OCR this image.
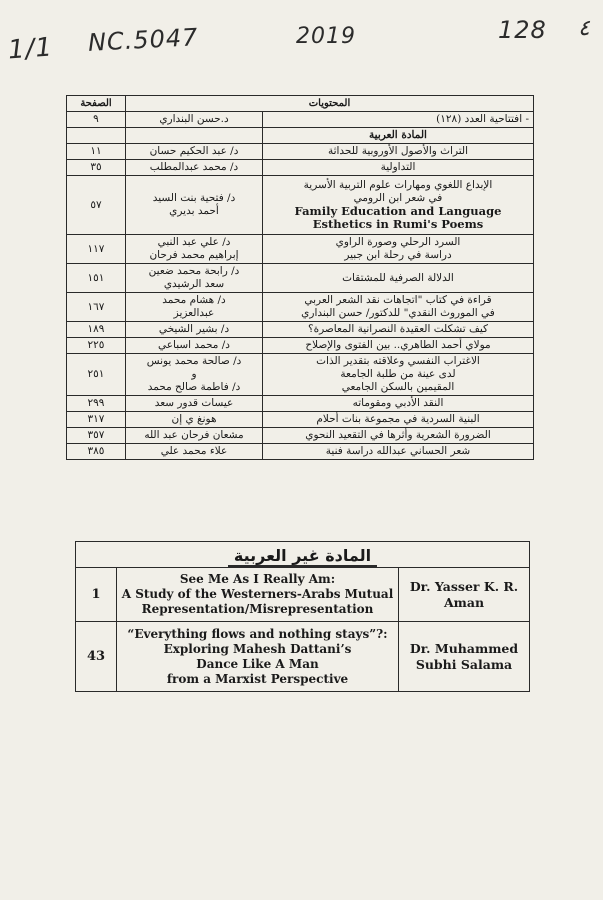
1/1 NC.5047	2019	128 ٤
المحتويات		الصفحة
- افتتاحية العدد (١٢٨)	د.حسن البنداري	٩
المادة العربية		
التراث والأصول الأوروبية للحداثة	د/ عبد الحكيم حسان	١١
التداولية	د/ محمد عبدالمطلب	٣٥

الإبداع اللغوي ومهارات علوم التربية الأسرية
في شعر ابن الرومي
Family Education and Language
Esthetics in Rumi's Poems	د/ فتحية بنت السيد
أحمد بديري	٥٧

السرد الرحلي وصورة الراوي
دراسة في رحلة ابن جبير	د/ علي عبد النبي
إبراهيم محمد فرحان	١١٧
الدلالة الصرفية للمشتقات	د/ رابحة محمد ضعين
سعد الرشيدي	١٥١

قراءة في كتاب "اتجاهات نقد الشعر العربي
في الموروث النقدي" للدكتور/ حسن البنداري	د/ هشام محمد
عبدالعزيز	١٦٧
كيف تشكلت العقيدة النصرانية المعاصرة؟	د/ بشير الشيخي	١٨٩
مولاي أحمد الطاهري.. بين الفتوى والإصلاح	د/ محمد اسباعي	٢٢٥

الاغتراب النفسي وعلاقته بتقدير الذات
لدى عينة من طلبة الجامعة
المقيمين بالسكن الجامعي	د/ صالحة محمد يونس
و
د/ فاطمة صالح محمد	٢٥١
النقد الأدبي ومقوماته	عيسات قدور سعد	٢٩٩
البنية السردية في مجموعة بنات أحلام	هونغ ي إن	٣١٧
الضرورة الشعرية وأثرها في التقعيد النحوي	مشعان فرحان عبد الله	٣٥٧
شعر الحساني عبدالله دراسة فنية	علاء محمد علي	٣٨٥
المادة غير العربية		
1	See Me As I Really Am:
A Study of the Westerners-Arabs Mutual
Representation/Misrepresentation	Dr. Yasser K. R.
Aman

43	“Everything flows and nothing stays”?:
Exploring Mahesh Dattani’s
Dance Like A Man
from a Marxist Perspective	Dr. Muhammed
Subhi Salama
